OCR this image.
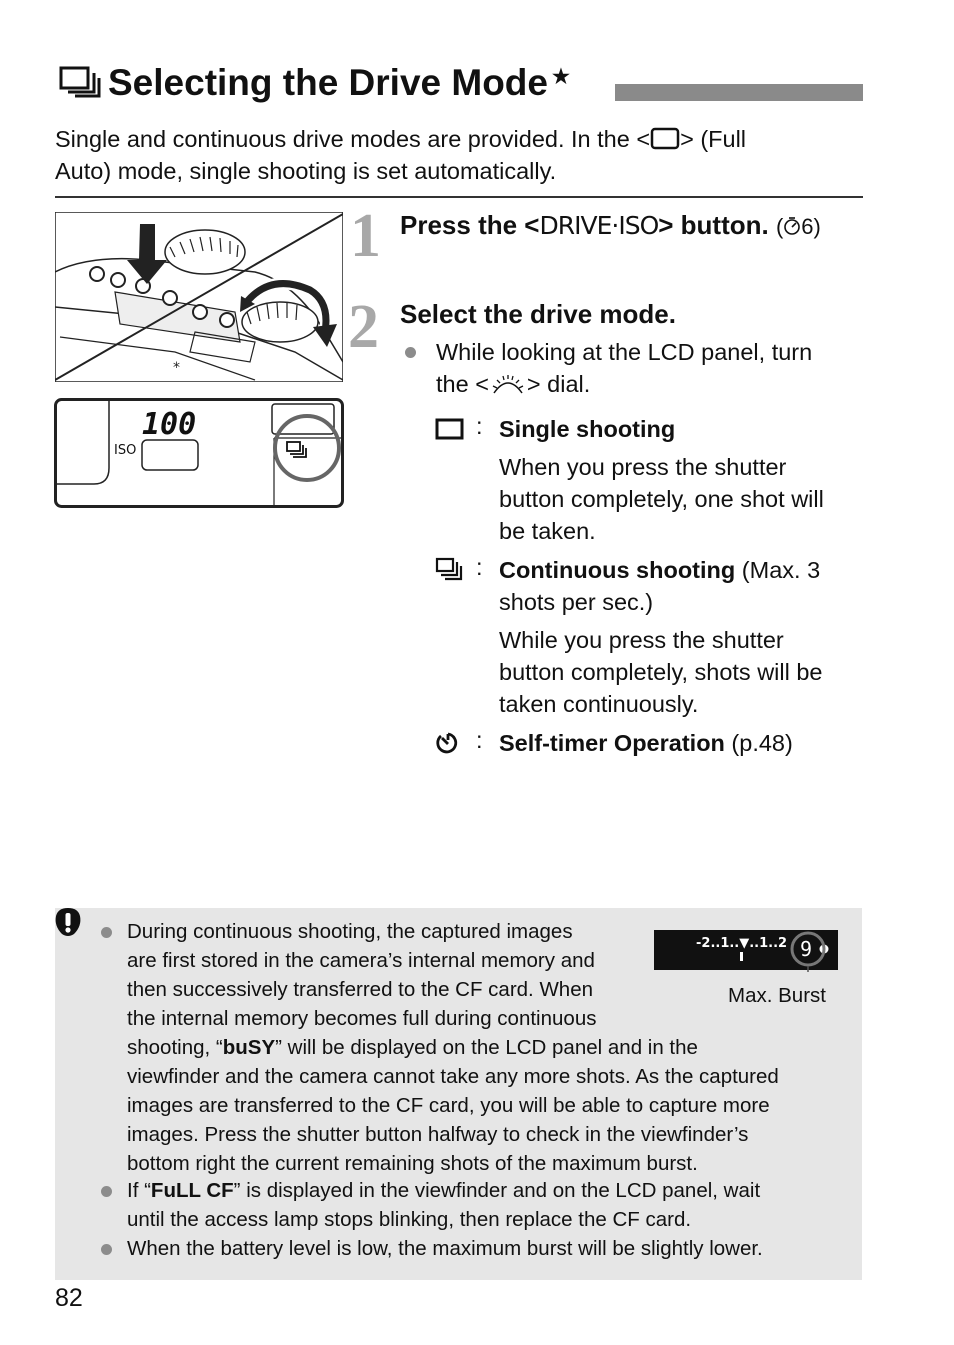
Selecting the Drive Mode ★
Single and continuous drive modes are provided. In the < > (Full
Auto) mode, single shooting is set automatically.
*
100
ISO
1 Press the <DRIVE·ISO> button. ( 6)
2 Select the drive mode.
While looking at the LCD panel, turn
the < > dial.
: Single shooting
When you press the shutter
button completely, one shot will
be taken.
: Continuous shooting (Max. 3
shots per sec.)
While you press the shutter
button completely, shots will be
taken continuously.
: Self-timer Operation (p.48)
-2..1..▼..1..2 9
Max. Burst
During continuous shooting, the captured images
are first stored in the camera’s internal memory and
then successively transferred to the CF card. When
the internal memory becomes full during continuous
shooting, “buSY” will be displayed on the LCD panel and in the
viewfinder and the camera cannot take any more shots. As the captured
images are transferred to the CF card, you will be able to capture more
images. Press the shutter button halfway to check in the viewfinder’s
bottom right the current remaining shots of the maximum burst.
If “FuLL CF” is displayed in the viewfinder and on the LCD panel, wait
until the access lamp stops blinking, then replace the CF card.
When the battery level is low, the maximum burst will be slightly lower.
82
